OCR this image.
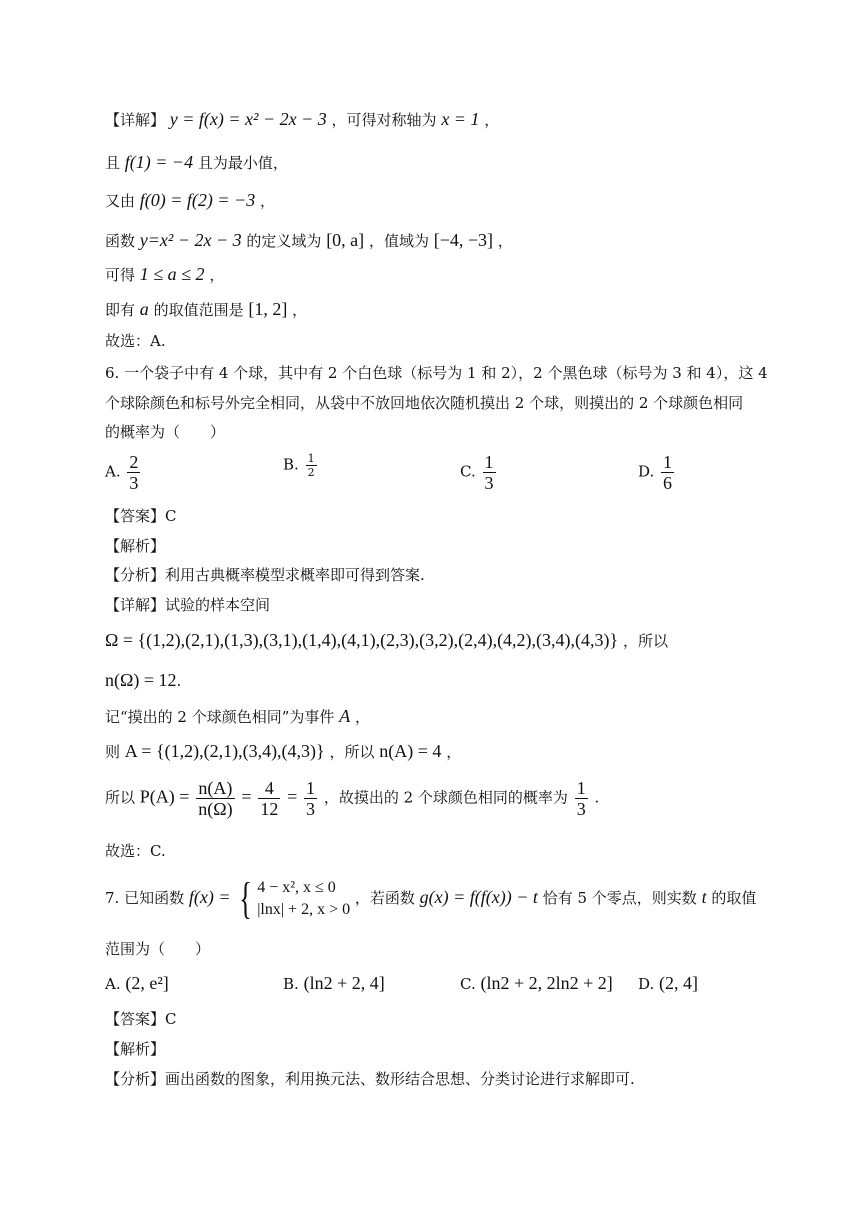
【详解】 y = f(x) = x² − 2x − 3 ，可得对称轴为 x = 1 ，
且 f(1) = −4 且为最小值，
又由 f(0) = f(2) = −3 ，
函数 y=x² − 2x − 3 的定义域为 [0, a] ，值域为 [−4, −3] ，
可得 1 ≤ a ≤ 2 ，
即有 a 的取值范围是 [1, 2] ，
故选：A.
6. 一个袋子中有 4 个球，其中有 2 个白色球（标号为 1 和 2），2 个黑色球（标号为 3 和 4），这 4
个球除颜色和标号外完全相同，从袋中不放回地依次随机摸出 2 个球，则摸出的 2 个球颜色相同
的概率为（　　）
A. $\frac{2}{3}$	B. $\frac{1}{2}$	C. $\frac{1}{3}$	D. $\frac{1}{6}$
【答案】C
【解析】
【分析】利用古典概率模型求概率即可得到答案.
【详解】试验的样本空间
Ω = {(1,2),(2,1),(1,3),(3,1),(1,4),(4,1),(2,3),(3,2),(2,4),(4,2),(3,4),(4,3)} ，所以
n(Ω) = 12.
记“摸出的 2 个球颜色相同”为事件 A ，
则 A = {(1,2),(2,1),(3,4),(4,3)} ，所以 n(A) = 4 ，
所以 $P(A) = \frac{n(A)}{n(\Omega)} = \frac{4}{12} = \frac{1}{3}$ ，故摸出的 2 个球颜色相同的概率为 $\frac{1}{3}$ .
故选：C.
7. 已知函数 f(x) = { 4 − x², x ≤ 0
|lnx| + 2, x > 0
，若函数 g(x) = f(f(x)) − t 恰有 5 个零点，则实数 t 的取值
范围为（　　）
A. (2, e²]	B. (ln2 + 2, 4]	C. (ln2 + 2, 2ln2 + 2] D. (2, 4]
【答案】C
【解析】
【分析】画出函数的图象，利用换元法、数形结合思想、分类讨论进行求解即可.
